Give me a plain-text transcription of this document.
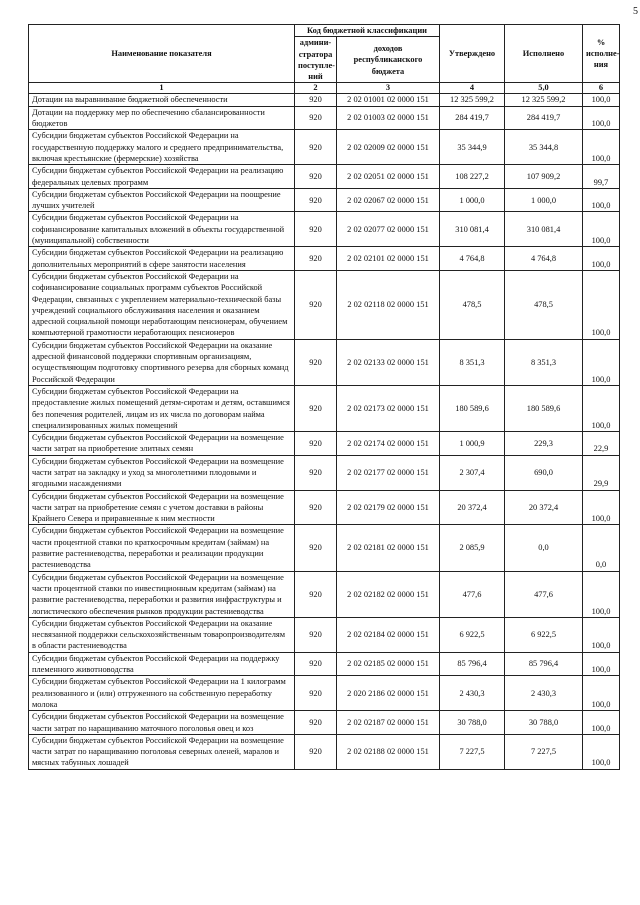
5
Наименование показателя	Код бюджетной классификации		Утверждено	Исполнено	% исполнения
	администратора поступлений	доходов республиканского бюджета			
1	2	3	4	5,0	6
Дотации на выравнивание бюджетной обеспеченности	920	2 02 01001 02 0000 151	12 325 599,2	12 325 599,2	100,0
Дотации на поддержку мер по обеспечению сбалансированности бюджетов	920	2 02 01003 02 0000 151	284 419,7	284 419,7	100,0
Субсидии бюджетам субъектов Российской Федерации на государственную поддержку малого и среднего предпринимательства, включая крестьянские (фермерские) хозяйства	920	2 02 02009 02 0000 151	35 344,9	35 344,8	100,0
Субсидии бюджетам субъектов Российской Федерации на реализацию федеральных целевых программ	920	2 02 02051 02 0000 151	108 227,2	107 909,2	99,7
Субсидии бюджетам субъектов Российской Федерации на поощрение лучших учителей	920	2 02 02067 02 0000 151	1 000,0	1 000,0	100,0
Субсидии бюджетам субъектов Российской Федерации на софинансирование капитальных вложений в объекты государственной (муниципальной) собственности	920	2 02 02077 02 0000 151	310 081,4	310 081,4	100,0
Субсидии бюджетам субъектов Российской Федерации на реализацию дополнительных мероприятий в сфере занятости населения	920	2 02 02101 02 0000 151	4 764,8	4 764,8	100,0
Субсидии бюджетам субъектов Российской Федерации на софинансирование социальных программ субъектов Российской Федерации, связанных с укреплением материально-технической базы учреждений социального обслуживания населения и оказанием адресной социальной помощи неработающим пенсионерам, обучением компьютерной грамотности неработающих пенсионеров	920	2 02 02118 02 0000 151	478,5	478,5	100,0
Субсидии бюджетам субъектов Российской Федерации на оказание адресной финансовой поддержки спортивным организациям, осуществляющим подготовку спортивного резерва для сборных команд Российской Федерации	920	2 02 02133 02 0000 151	8 351,3	8 351,3	100,0
Субсидии бюджетам субъектов Российской Федерации на предоставление жилых помещений детям-сиротам и детям, оставшимся без попечения родителей, лицам из их числа по договорам найма специализированных жилых помещений	920	2 02 02173 02 0000 151	180 589,6	180 589,6	100,0
Субсидии бюджетам субъектов Российской Федерации на возмещение части затрат на приобретение элитных семян	920	2 02 02174 02 0000 151	1 000,9	229,3	22,9
Субсидии бюджетам субъектов Российской Федерации на возмещение части затрат на закладку и уход за многолетними плодовыми и ягодными насаждениями	920	2 02 02177 02 0000 151	2 307,4	690,0	29,9
Субсидии бюджетам субъектов Российской Федерации на возмещение части затрат на приобретение семян с учетом доставки в районы Крайнего Севера и приравненные к ним местности	920	2 02 02179 02 0000 151	20 372,4	20 372,4	100,0
Субсидии бюджетам субъектов Российской Федерации на возмещение части процентной ставки по краткосрочным кредитам (займам) на развитие растениеводства, переработки и реализации продукции растениеводства	920	2 02 02181 02 0000 151	2 085,9	0,0	0,0
Субсидии бюджетам субъектов Российской Федерации на возмещение части процентной ставки по инвестиционным кредитам (займам) на развитие растениеводства, переработки и развития инфраструктуры и логистического обеспечения рынков продукции растениеводства	920	2 02 02182 02 0000 151	477,6	477,6	100,0
Субсидии бюджетам субъектов Российской Федерации на оказание несвязанной поддержки сельскохозяйственным товаропроизводителям в области растениеводства	920	2 02 02184 02 0000 151	6 922,5	6 922,5	100,0
Субсидии бюджетам субъектов Российской Федерации на поддержку племенного животноводства	920	2 02 02185 02 0000 151	85 796,4	85 796,4	100,0
Субсидии бюджетам субъектов Российской Федерации на 1 килограмм реализованного и (или) отгруженного на собственную переработку молока	920	2 020 2186 02 0000 151	2 430,3	2 430,3	100,0
Субсидии бюджетам субъектов Российской Федерации на возмещение части затрат по наращиванию маточного поголовья овец и коз	920	2 02 02187 02 0000 151	30 788,0	30 788,0	100,0
Субсидии бюджетам субъектов Российской Федерации на возмещение части затрат по наращиванию поголовья северных оленей, маралов и мясных табунных лошадей	920	2 02 02188 02 0000 151	7 227,5	7 227,5	100,0
